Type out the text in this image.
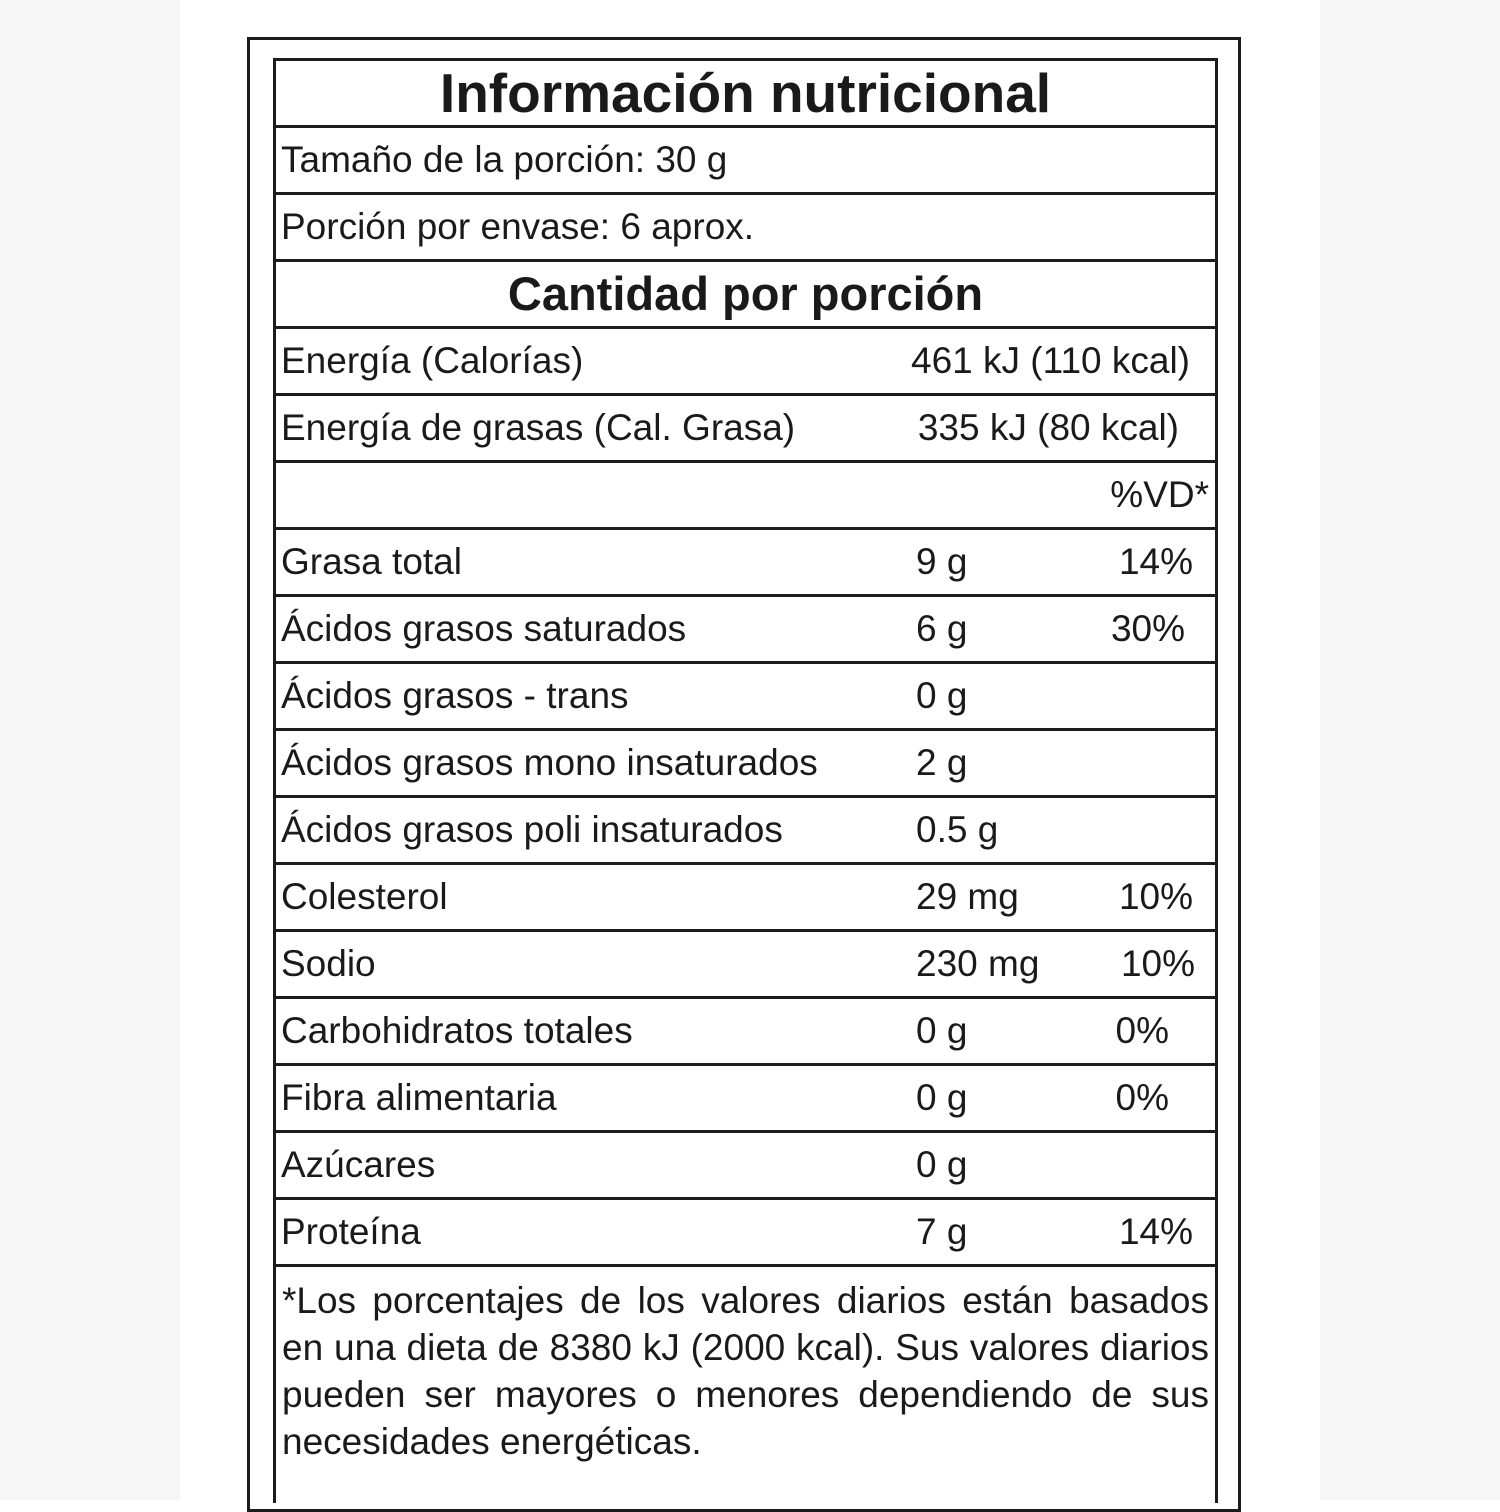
Información nutricional
Tamaño de la porción: 30 g
Porción por envase: 6 aprox.
Cantidad por porción
Energía (Calorías)	461 kJ (110 kcal)
Energía de grasas (Cal. Grasa)	335 kJ (80 kcal)
%VD*
Grasa total	9 g	14%
Ácidos grasos saturados	6 g	30%
Ácidos grasos - trans	0 g
Ácidos grasos mono insaturados	2 g
Ácidos grasos poli insaturados	0.5 g
Colesterol	29 mg	10%
Sodio	230 mg 10%
Carbohidratos totales	0 g	0%
Fibra alimentaria	0 g	0%
Azúcares	0 g
Proteína	7 g	14%
*Los porcentajes de los valores diarios están basados en una dieta de 8380 kJ (2000 kcal). Sus valores diarios pueden ser mayores o menores dependiendo de sus necesidades energéticas.
